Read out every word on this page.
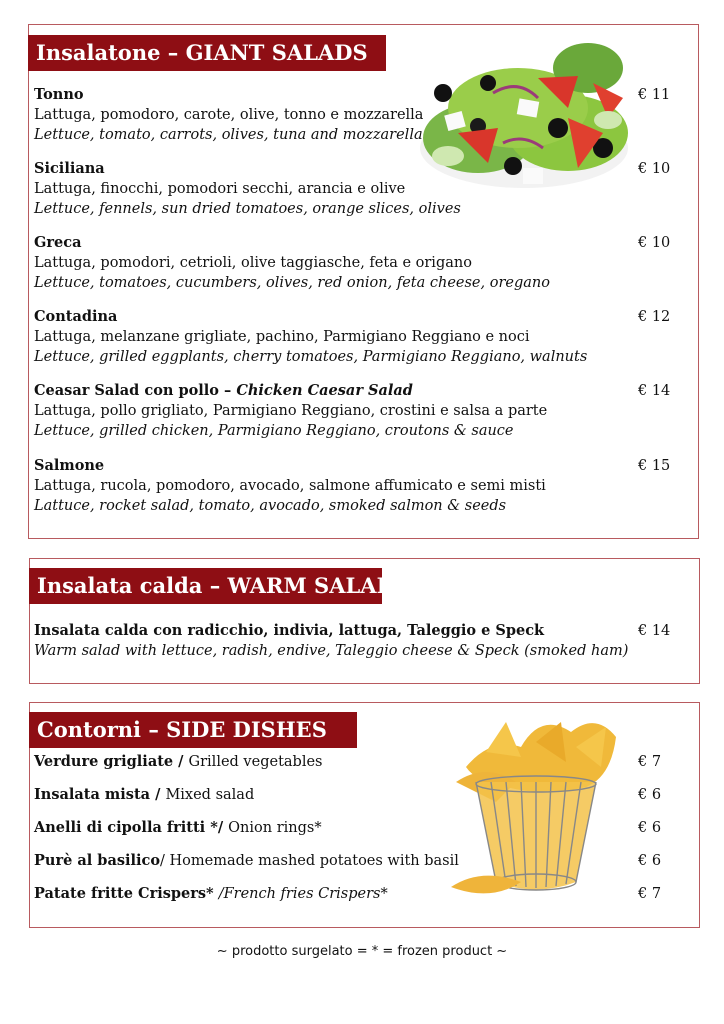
Insalatone – GIANT SALADS
Tonno
Lattuga, pomodoro, carote, olive, tonno e mozzarella
Lettuce, tomato, carrots, olives, tuna and mozzarella
€ 11
Siciliana
Lattuga, finocchi, pomodori secchi, arancia e olive
Lettuce, fennels, sun dried tomatoes, orange slices, olives
€ 10
Greca
Lattuga, pomodori, cetrioli, olive taggiasche, feta e origano
Lettuce, tomatoes, cucumbers, olives, red onion, feta cheese, oregano
€ 10
Contadina
Lattuga, melanzane grigliate, pachino, Parmigiano Reggiano e noci
Lettuce, grilled eggplants, cherry tomatoes, Parmigiano Reggiano, walnuts
€ 12
Ceasar Salad con pollo – Chicken Caesar Salad
Lattuga, pollo grigliato, Parmigiano Reggiano, crostini e salsa a parte
Lettuce, grilled chicken, Parmigiano Reggiano, croutons & sauce
€ 14
Salmone
Lattuga, rucola, pomodoro, avocado, salmone affumicato e semi misti
Lattuce, rocket salad, tomato, avocado, smoked salmon & seeds
€ 15
Insalata calda – WARM SALAD
Insalata calda con radicchio, indivia, lattuga, Taleggio e Speck
Warm salad with lettuce, radish, endive, Taleggio cheese & Speck (smoked ham)
€ 14
Contorni – SIDE DISHES
Verdure grigliate / Grilled vegetables	€ 7
Insalata mista / Mixed salad	€ 6
Anelli di cipolla fritti */ Onion rings*	€ 6
Purè al basilico/ Homemade mashed potatoes with basil	€ 6
Patate fritte Crispers* /French fries Crispers*	€ 7
~ prodotto surgelato = * = frozen product ~
